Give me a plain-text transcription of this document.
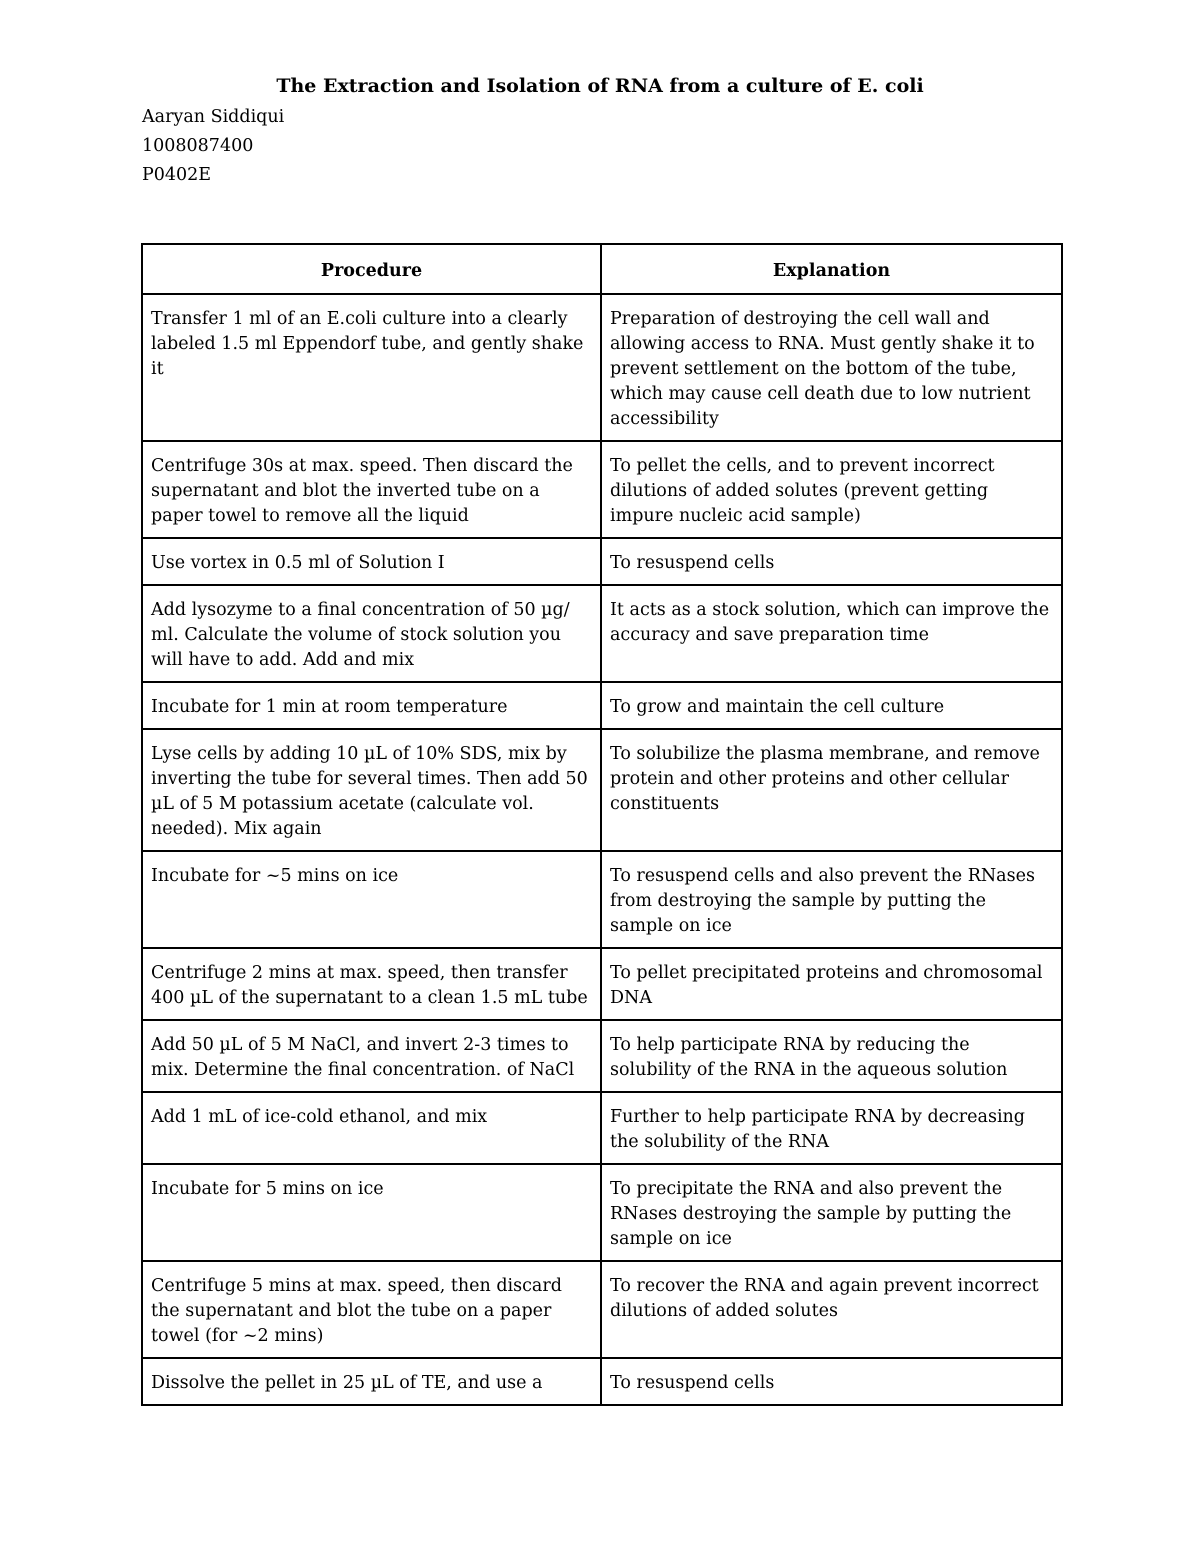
The Extraction and Isolation of RNA from a culture of E. coli
Aaryan Siddiqui
1008087400
P0402E
Procedure	Explanation
Transfer 1 ml of an E.coli culture into a clearly labeled 1.5 ml Eppendorf tube, and gently shake it	Preparation of destroying the cell wall and allowing access to RNA. Must gently shake it to prevent settlement on the bottom of the tube, which may cause cell death due to low nutrient accessibility
Centrifuge 30s at max. speed. Then discard the supernatant and blot the inverted tube on a paper towel to remove all the liquid	To pellet the cells, and to prevent incorrect dilutions of added solutes (prevent getting impure nucleic acid sample)
Use vortex in 0.5 ml of Solution I	To resuspend cells
Add lysozyme to a final concentration of 50 µg/ ml. Calculate the volume of stock solution you will have to add. Add and mix	It acts as a stock solution, which can improve the accuracy and save preparation time
Incubate for 1 min at room temperature	To grow and maintain the cell culture
Lyse cells by adding 10 µL of 10% SDS, mix by inverting the tube for several times. Then add 50 µL of 5 M potassium acetate (calculate vol. needed). Mix again	To solubilize the plasma membrane, and remove protein and other proteins and other cellular constituents
Incubate for ~5 mins on ice	To resuspend cells and also prevent the RNases from destroying the sample by putting the sample on ice
Centrifuge 2 mins at max. speed, then transfer 400 µL of the supernatant to a clean 1.5 mL tube	To pellet precipitated proteins and chromosomal DNA
Add 50 µL of 5 M NaCl, and invert 2-3 times to mix. Determine the final concentration. of NaCl	To help participate RNA by reducing the solubility of the RNA in the aqueous solution
Add 1 mL of ice-cold ethanol, and mix	Further to help participate RNA by decreasing the solubility of the RNA
Incubate for 5 mins on ice	To precipitate the RNA and also prevent the RNases destroying the sample by putting the sample on ice
Centrifuge 5 mins at max. speed, then discard the supernatant and blot the tube on a paper towel (for ~2 mins)	To recover the RNA and again prevent incorrect dilutions of added solutes
Dissolve the pellet in 25 µL of TE, and use a	To resuspend cells
